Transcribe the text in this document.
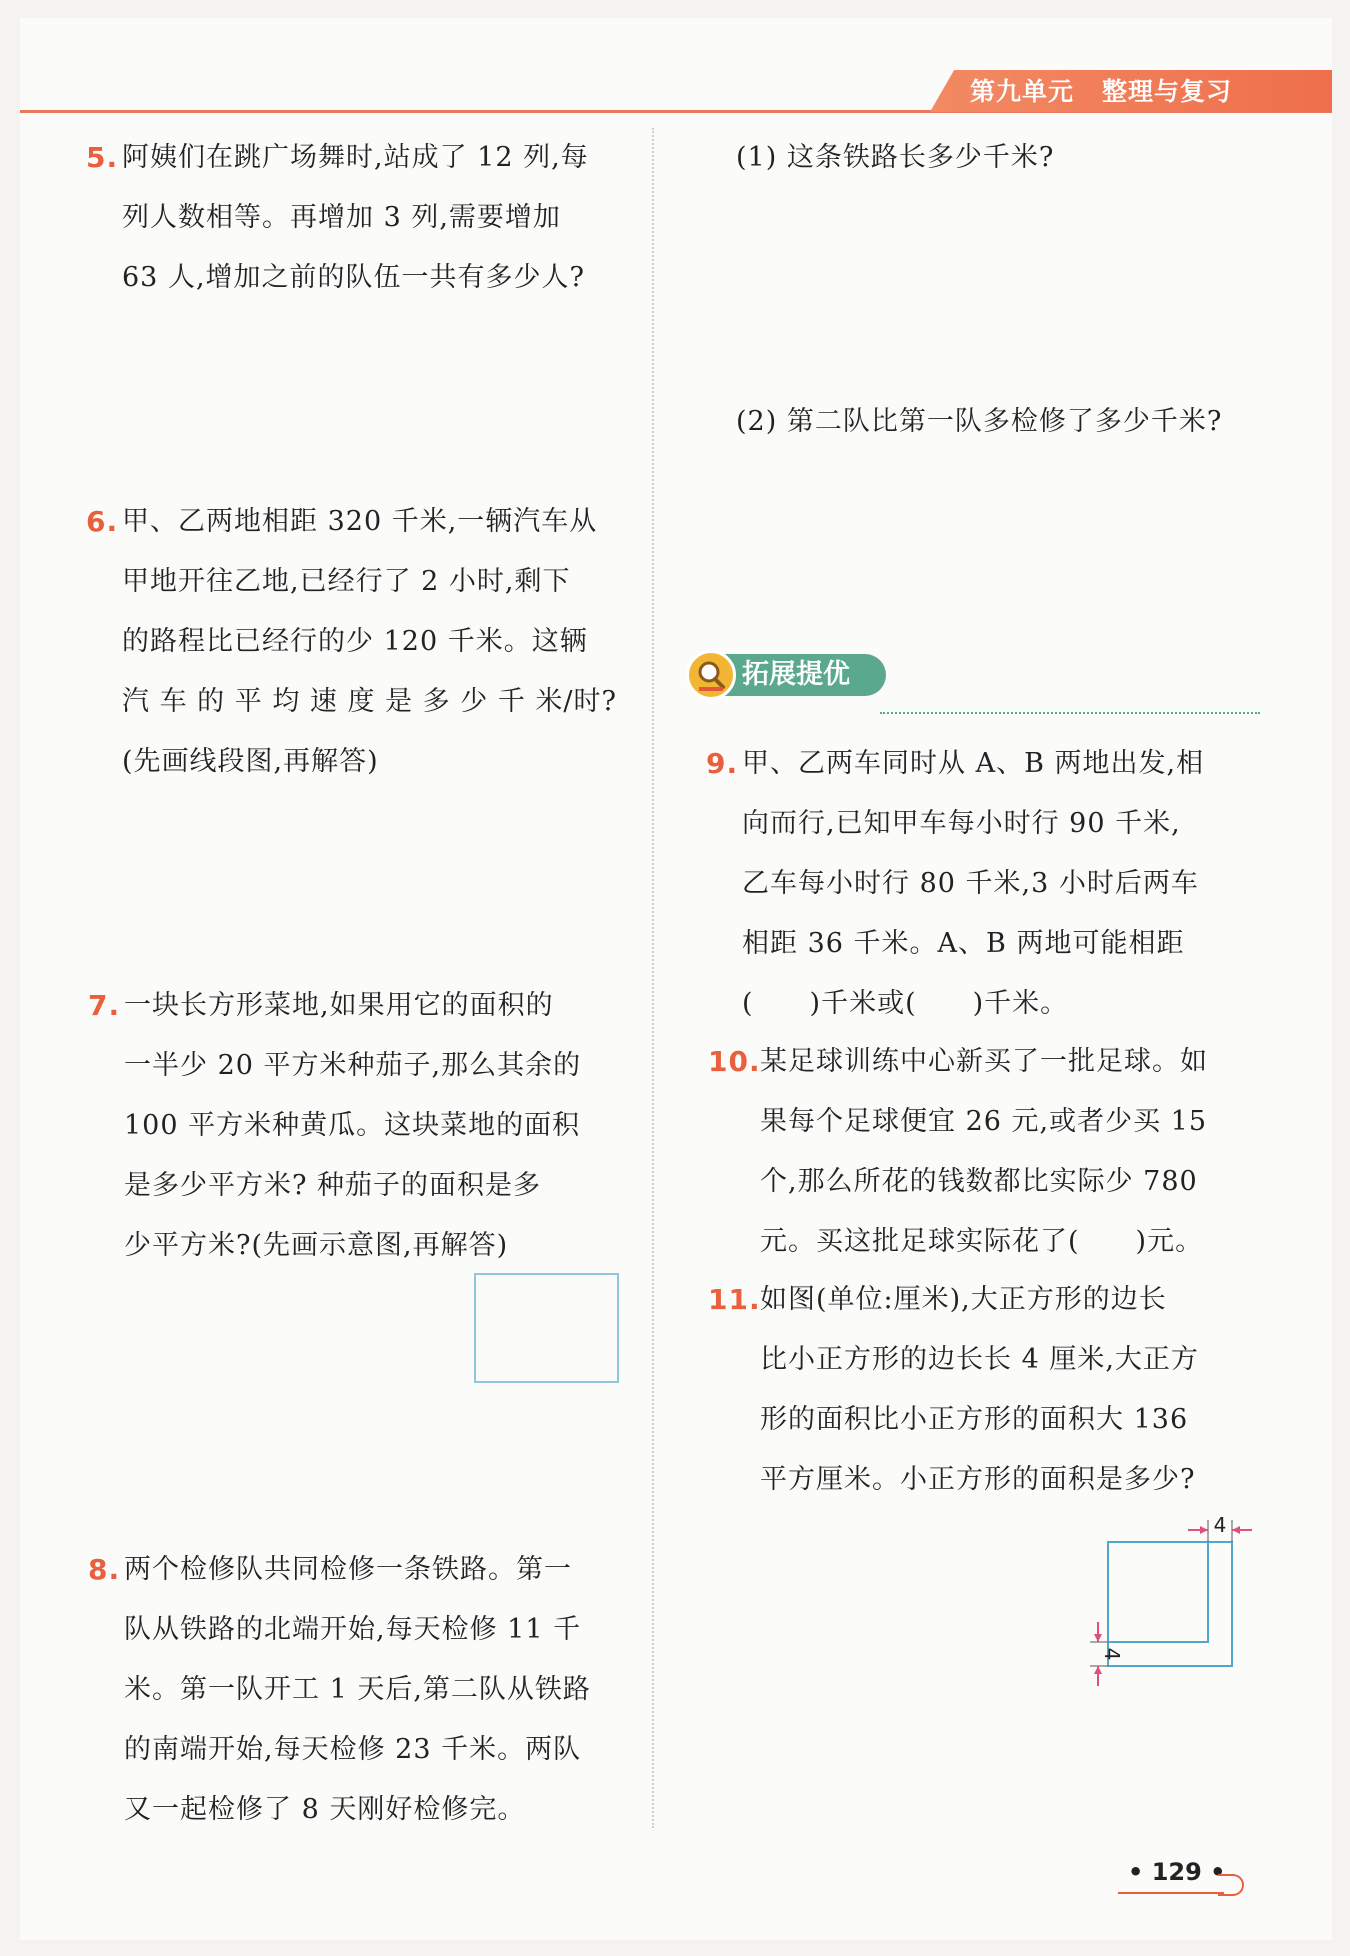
第九单元 整理与复习
5. 阿姨们在跳广场舞时,站成了 12 列,每

列人数相等。再增加 3 列,需要增加

63 人,增加之前的队伍一共有多少人?

6. 甲、乙两地相距 320 千米,一辆汽车从

甲地开往乙地,已经行了 2 小时,剩下

的路程比已经行的少 120 千米。这辆

汽 车 的 平 均 速 度 是 多 少 千 米/时?

(先画线段图,再解答)

7. 一块长方形菜地,如果用它的面积的

一半少 20 平方米种茄子,那么其余的

100 平方米种黄瓜。这块菜地的面积

是多少平方米? 种茄子的面积是多

少平方米?(先画示意图,再解答)

8. 两个检修队共同检修一条铁路。第一

队从铁路的北端开始,每天检修 11 千

米。第一队开工 1 天后,第二队从铁路

的南端开始,每天检修 23 千米。两队

又一起检修了 8 天刚好检修完。

(1) 这条铁路长多少千米?

(2) 第二队比第一队多检修了多少千米?

拓展提优
9. 甲、乙两车同时从 A、B 两地出发,相

向而行,已知甲车每小时行 90 千米,

乙车每小时行 80 千米,3 小时后两车

相距 36 千米。A、B 两地可能相距

(　　)千米或(　　)千米。

10. 某足球训练中心新买了一批足球。如

果每个足球便宜 26 元,或者少买 15

个,那么所花的钱数都比实际少 780

元。买这批足球实际花了(　　)元。

11. 如图(单位:厘米),大正方形的边长

比小正方形的边长长 4 厘米,大正方

形的面积比小正方形的面积大 136

平方厘米。小正方形的面积是多少?

4
4
• 129 •
